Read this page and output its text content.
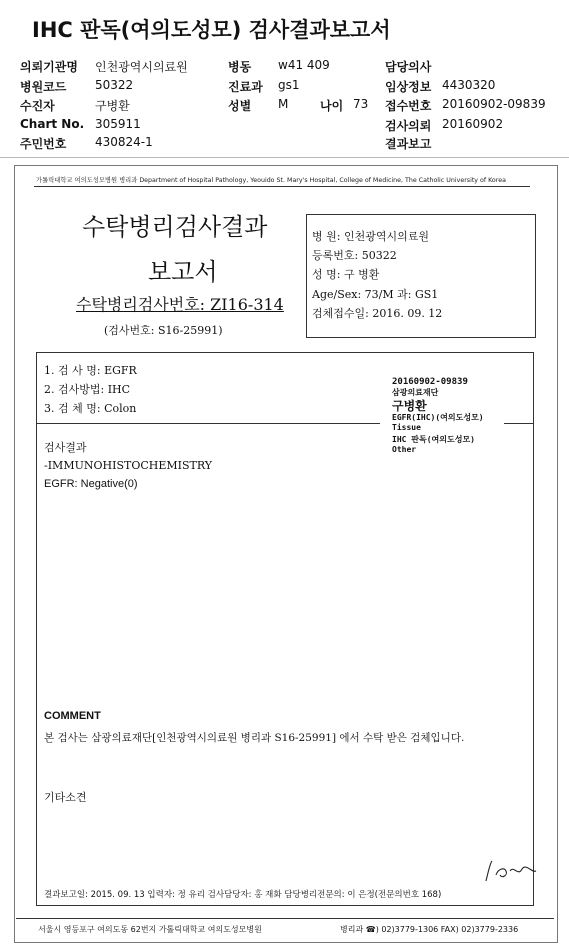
IHC 판독(여의도성모) 검사결과보고서
의뢰기관명 인천광역시의료원
병원코드 50322
수진자	구병환
Chart No. 305911
주민번호 430824-1
병동 w41 409
진료과 gs1
성별 M	나이 73
담당의사
임상정보 4430320
접수번호 20160902-09839
검사의뢰 20160902
결과보고
가톨릭대학교 여의도성모병원 병리과 Department of Hospital Pathology, Yeouido St. Mary's Hospital, College of Medicine, The Catholic University of Korea
수탁병리검사결과
보고서
수탁병리검사번호: ZI16-314
(검사번호: S16-25991)
병 원: 인천광역시의료원
등록번호: 50322
성 명: 구 병환
Age/Sex: 73/M 과: GS1
검체접수일: 2016. 09. 12
1. 검 사 명: EGFR
2. 검사방법: IHC
3. 검 체 명: Colon
20160902-09839
삼광의료재단
구병환
EGFR(IHC)(여의도성모)
Tissue
IHC 판독(여의도성모)
Other
검사결과
-IMMUNOHISTOCHEMISTRY
EGFR: Negative(0)
COMMENT
본 검사는 삼광의료재단[인천광역시의료원 병리과 S16-25991] 에서 수탁 받은 검체입니다.
기타소견
결과보고일: 2015. 09. 13 입력자: 정 유리 검사담당자: 홍 재화 담당병리전문의: 이 은정(전문의번호 168)
서울시 영등포구 여의도동 62번지 가톨릭대학교 여의도성모병원	병리과 ☎) 02)3779-1306 FAX) 02)3779-2336
